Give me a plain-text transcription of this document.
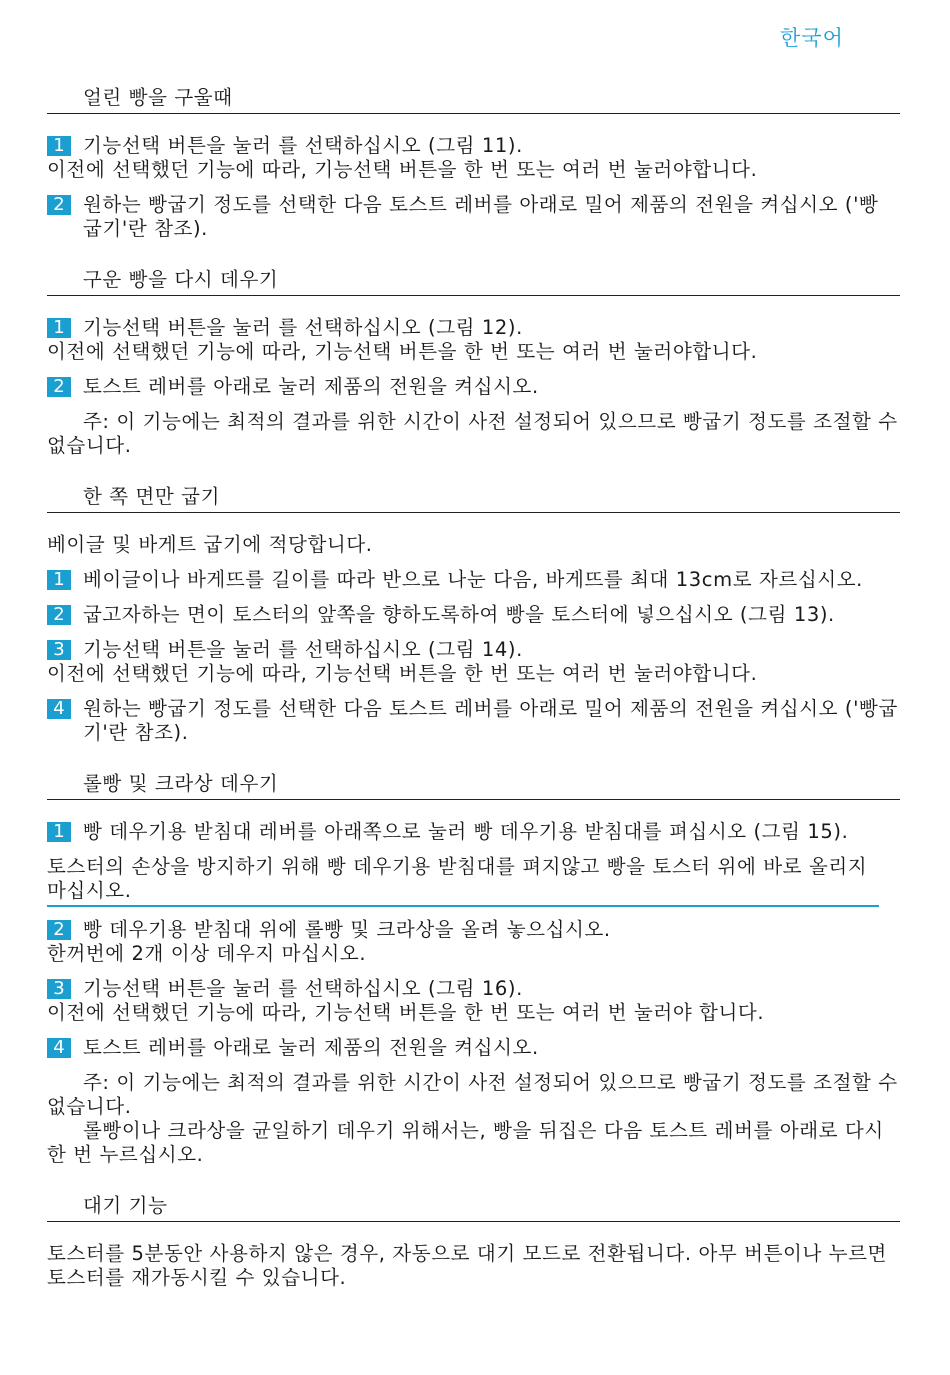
한국어
얼린 빵을 구울때
1 기능선택 버튼을 눌러 를 선택하십시오 (그림 11).
이전에 선택했던 기능에 따라, 기능선택 버튼을 한 번 또는 여러 번 눌러야합니다.
2 원하는 빵굽기 정도를 선택한 다음 토스트 레버를 아래로 밀어 제품의 전원을 켜십시오 ('빵 굽기'란 참조).
구운 빵을 다시 데우기
1 기능선택 버튼을 눌러 를 선택하십시오 (그림 12).
이전에 선택했던 기능에 따라, 기능선택 버튼을 한 번 또는 여러 번 눌러야합니다.
2 토스트 레버를 아래로 눌러 제품의 전원을 켜십시오.
주: 이 기능에는 최적의 결과를 위한 시간이 사전 설정되어 있으므로 빵굽기 정도를 조절할 수 없습니다.
한 쪽 면만 굽기
베이글 및 바게트 굽기에 적당합니다.
1 베이글이나 바게뜨를 길이를 따라 반으로 나눈 다음, 바게뜨를 최대 13cm로 자르십시오.
2 굽고자하는 면이 토스터의 앞쪽을 향하도록하여 빵을 토스터에 넣으십시오 (그림 13).
3 기능선택 버튼을 눌러 를 선택하십시오 (그림 14).
이전에 선택했던 기능에 따라, 기능선택 버튼을 한 번 또는 여러 번 눌러야합니다.
4 원하는 빵굽기 정도를 선택한 다음 토스트 레버를 아래로 밀어 제품의 전원을 켜십시오 ('빵굽기'란 참조).
롤빵 및 크라상 데우기
1 빵 데우기용 받침대 레버를 아래쪽으로 눌러 빵 데우기용 받침대를 펴십시오 (그림 15).
토스터의 손상을 방지하기 위해 빵 데우기용 받침대를 펴지않고 빵을 토스터 위에 바로 올리지 마십시오.
2 빵 데우기용 받침대 위에 롤빵 및 크라상을 올려 놓으십시오.
한꺼번에 2개 이상 데우지 마십시오.
3 기능선택 버튼을 눌러 를 선택하십시오 (그림 16).
이전에 선택했던 기능에 따라, 기능선택 버튼을 한 번 또는 여러 번 눌러야 합니다.
4 토스트 레버를 아래로 눌러 제품의 전원을 켜십시오.
주: 이 기능에는 최적의 결과를 위한 시간이 사전 설정되어 있으므로 빵굽기 정도를 조절할 수 없습니다.
롤빵이나 크라상을 균일하기 데우기 위해서는, 빵을 뒤집은 다음 토스트 레버를 아래로 다시 한 번 누르십시오.
대기 기능
토스터를 5분동안 사용하지 않은 경우, 자동으로 대기 모드로 전환됩니다. 아무 버튼이나 누르면 토스터를 재가동시킬 수 있습니다.
